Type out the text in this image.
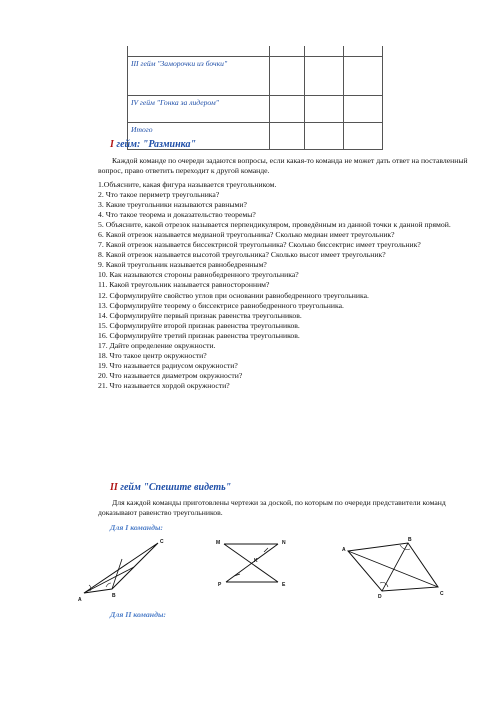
III гейм "Заморочки из бочки"			
IV гейм "Гонка за лидером"			
Итого			
I гейм: "Разминка"
Каждой команде по очереди задаются вопросы, если какая-то команда не может дать ответ на поставленный вопрос, право ответить переходит к другой команде.
1.Объясните, какая фигура называется треугольником.
2. Что такое периметр треугольника?
3. Какие треугольники называются равными?
4. Что такое теорема и доказательство теоремы?
5. Объясните, какой отрезок называется перпендикуляром, проведённым из данной точки к данной прямой.
6. Какой отрезок называется медианой треугольника? Сколько медиан имеет треугольник?
7. Какой отрезок называется биссектрисой треугольника? Сколько биссектрис имеет треугольник?
8. Какой отрезок называется высотой треугольника? Сколько высот имеет треугольник?
9. Какой треугольник называется равнобедренным?
10. Как называются стороны равнобедренного треугольника?
11. Какой треугольник называется равносторонним?
12. Сформулируйте свойство углов при основании равнобедренного треугольника.
13. Сформулируйте теорему о биссектрисе равнобедренного треугольника.
14. Сформулируйте первый признак равенства треугольников.
15. Сформулируйте второй признак равенства треугольников.
16. Сформулируйте третий признак равенства треугольников.
17. Дайте определение окружности.
18. Что такое центр окружности?
19. Что называется радиусом окружности?
20. Что называется диаметром окружности?
21. Что называется хордой окружности?
II гейм "Спешите видеть"
Для каждой команды приготовлены чертежи за доской, по которым по очереди представители команд доказывают равенство треугольников.
Для I команды:
C
A
B
M	N
K
P	E
A
B
D	C
Для II команды:
